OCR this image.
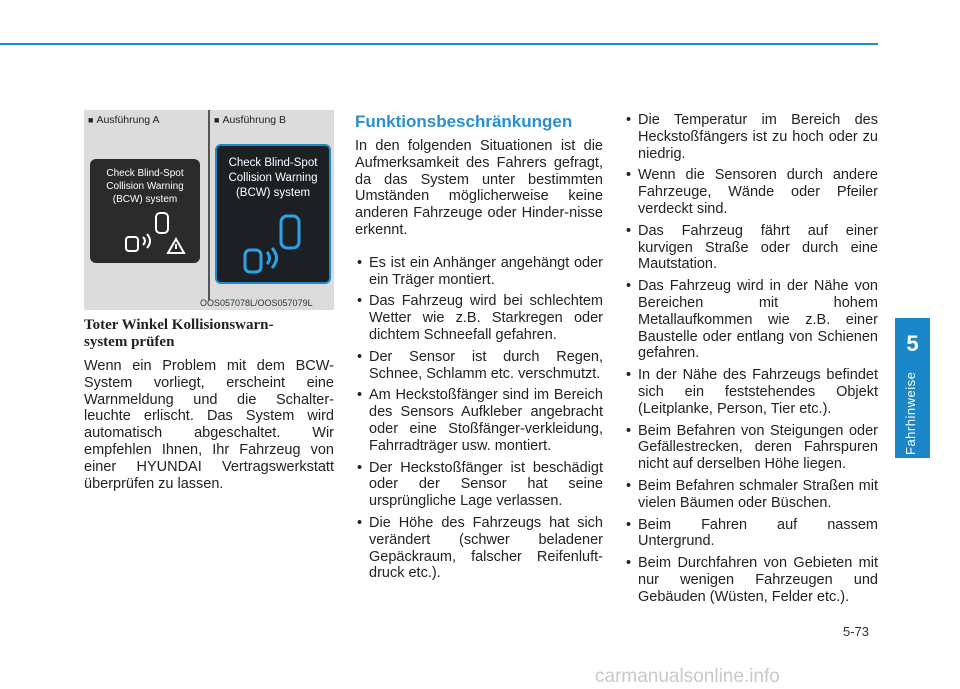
5
Fahrhinweise
■ Ausführung A	■ Ausführung B
Check Blind-Spot
Collision Warning
(BCW) system
Check Blind-Spot
Collision Warning
(BCW) system
OOS057078L/OOS057079L
Toter Winkel Kollisionswarn-
system prüfen

Wenn ein Problem mit dem BCW-System vorliegt, erscheint eine Warnmeldung und die Schalter-leuchte erlischt. Das System wird automatisch abgeschaltet. Wir empfehlen Ihnen, Ihr Fahrzeug von einer HYUNDAI Vertragswerkstatt überprüfen zu lassen.

Funktionsbeschränkungen

In den folgenden Situationen ist die Aufmerksamkeit des Fahrers gefragt, da das System unter bestimmten Umständen möglicherweise keine anderen Fahrzeuge oder Hinder-nisse erkennt.

• Es ist ein Anhänger angehängt oder ein Träger montiert.
• Das Fahrzeug wird bei schlechtem Wetter wie z.B. Starkregen oder dichtem Schneefall gefahren.
• Der Sensor ist durch Regen, Schnee, Schlamm etc. verschmutzt.
• Am Heckstoßfänger sind im Bereich des Sensors Aufkleber angebracht oder eine Stoßfänger-verkleidung, Fahrradträger usw. montiert.
• Der Heckstoßfänger ist beschädigt oder der Sensor hat seine ursprüngliche Lage verlassen.
• Die Höhe des Fahrzeugs hat sich verändert (schwer beladener Gepäckraum, falscher Reifenluft-druck etc.).
• Die Temperatur im Bereich des Heckstoßfängers ist zu hoch oder zu niedrig.
• Wenn die Sensoren durch andere Fahrzeuge, Wände oder Pfeiler verdeckt sind.
• Das Fahrzeug fährt auf einer kurvigen Straße oder durch eine Mautstation.
• Das Fahrzeug wird in der Nähe von Bereichen mit hohem Metallaufkommen wie z.B. einer Baustelle oder entlang von Schienen gefahren.
• In der Nähe des Fahrzeugs befindet sich ein feststehendes Objekt (Leitplanke, Person, Tier etc.).
• Beim Befahren von Steigungen oder Gefällestrecken, deren Fahrspuren nicht auf derselben Höhe liegen.
• Beim Befahren schmaler Straßen mit vielen Bäumen oder Büschen.
• Beim Fahren auf nassem Untergrund.
• Beim Durchfahren von Gebieten mit nur wenigen Fahrzeugen und Gebäuden (Wüsten, Felder etc.).
5-73
carmanualsonline.info
